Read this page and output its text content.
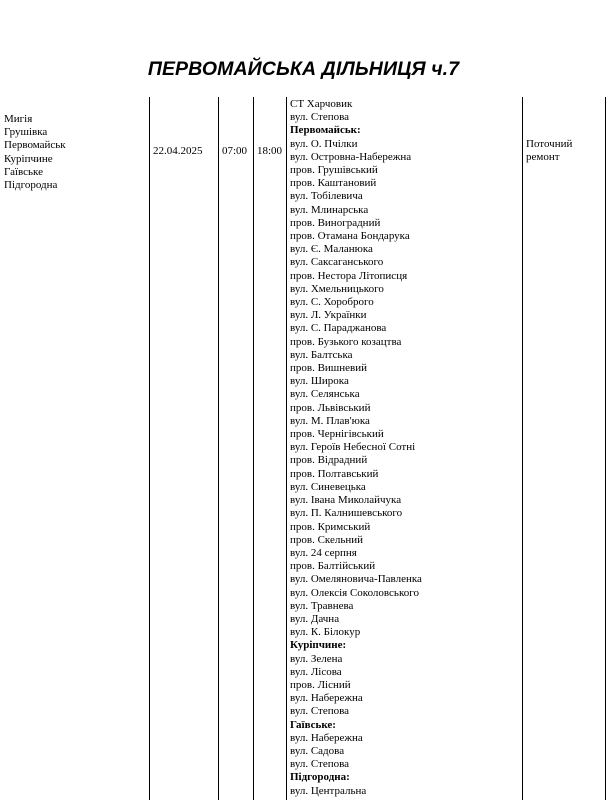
ПЕРВОМАЙСЬКА ДІЛЬНИЦЯ ч.7
Мигія
Грушівка
Первомайськ
Куріпчине
Гаївське
Підгородна
22.04.2025 07:00 18:00
СТ Харчовик
вул. Степова
Первомайськ:
вул. О. Пчілки
вул. Островна-Набережна
пров. Грушівський
пров. Каштановий
вул. Тобілевича
вул. Млинарська
пров. Виноградний
пров. Отамана Бондарука
вул. Є. Маланюка
вул. Саксаганського
пров. Нестора Літописця
вул. Хмельницького
вул. С. Хороброго
вул. Л. Українки
вул. С. Параджанова
пров. Бузького козацтва
вул. Балтська
пров. Вишневий
вул. Широка
вул. Селянська
пров. Львівський
вул. М. Плав'юка
пров. Чернігівський
вул. Героїв Небесної Сотні
пров. Відрадний
пров. Полтавський
вул. Синевецька
вул. Івана Миколайчука
вул. П. Калнишевського
пров. Кримський
пров. Скельний
вул. 24 серпня
пров. Балтійський
вул. Омеляновича-Павленка
вул. Олексія Соколовського
вул. Травнева
вул. Дачна
вул. К. Білокур
Куріпчине:
вул. Зелена
вул. Лісова
пров. Лісний
вул. Набережна
вул. Степова
Гаївське:
вул. Набережна
вул. Садова
вул. Степова
Підгородна:
вул. Центральна
Поточний
ремонт
